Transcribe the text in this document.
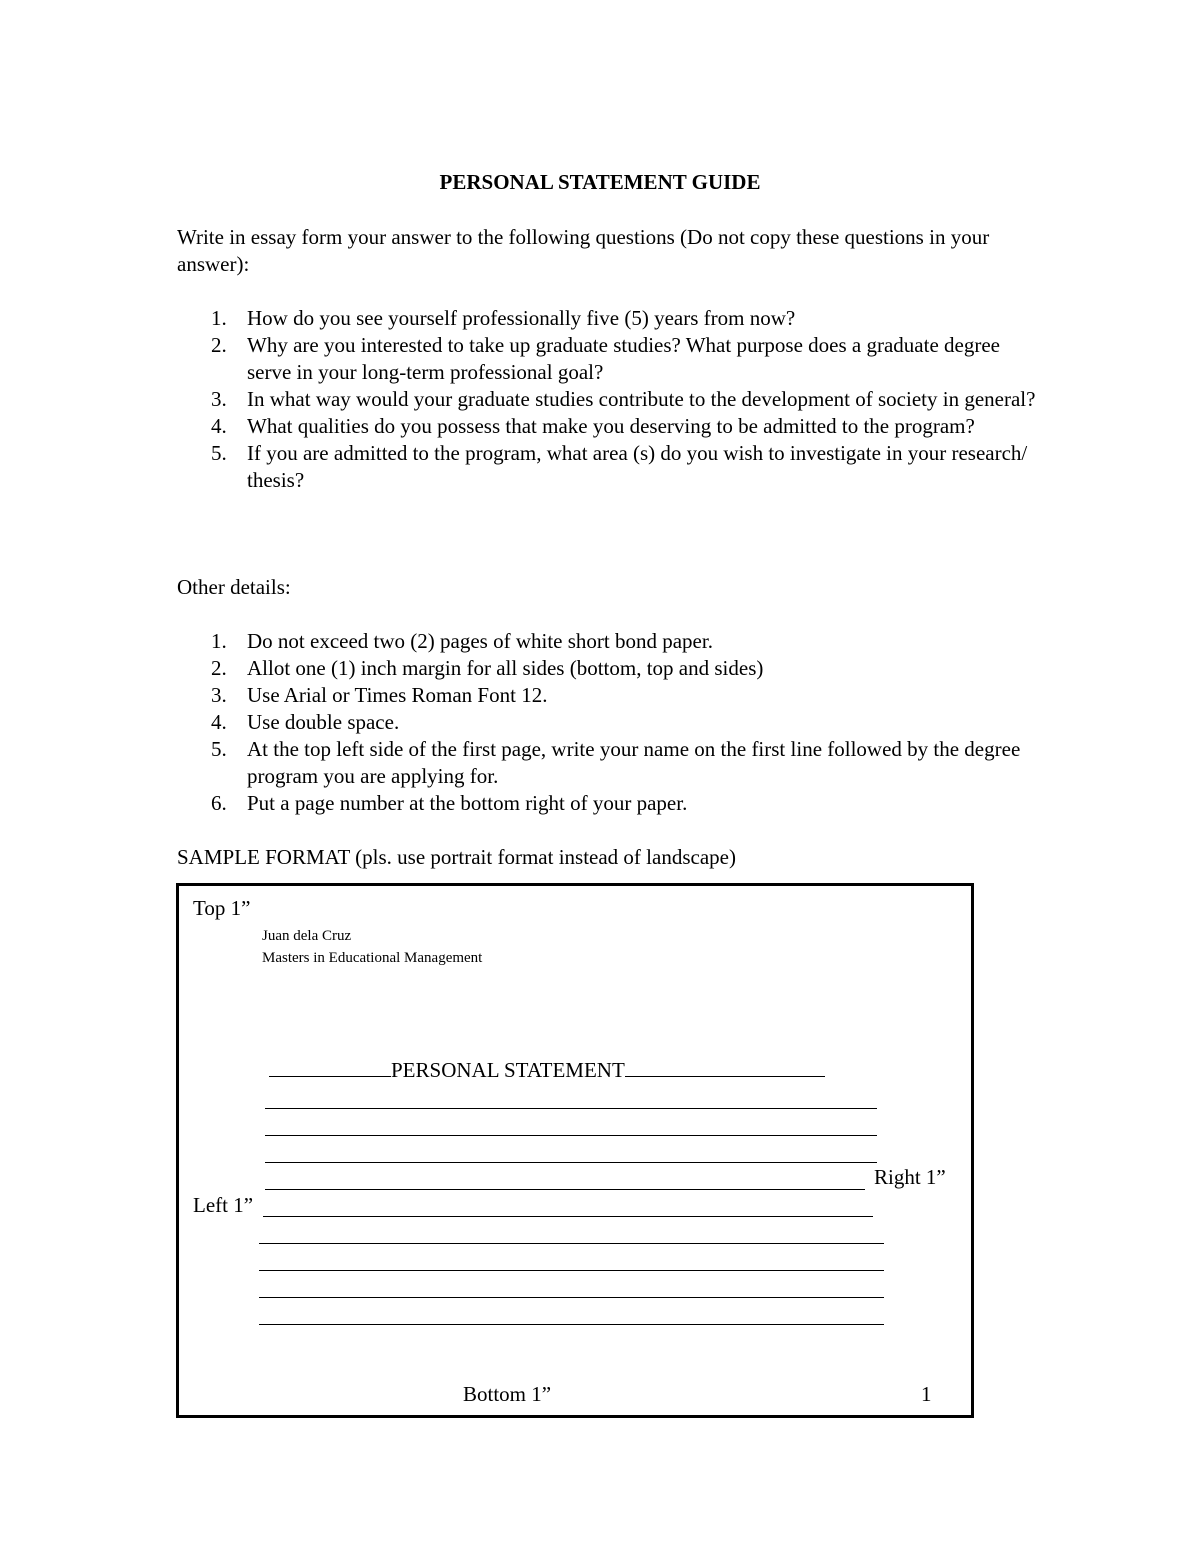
PERSONAL STATEMENT GUIDE
Write in essay form your answer to the following questions (Do not copy these questions in your answer):
1. How do you see yourself professionally five (5) years from now?
2. Why are you interested to take up graduate studies? What purpose does a graduate degree serve in your long-term professional goal?
3. In what way would your graduate studies contribute to the development of society in general?
4. What qualities do you possess that make you deserving to be admitted to the program?
5. If you are admitted to the program, what area (s) do you wish to investigate in your research/ thesis?
Other details:
1. Do not exceed two (2) pages of white short bond paper.
2. Allot one (1) inch margin for all sides (bottom, top and sides)
3. Use Arial or Times Roman Font 12.
4. Use double space.
5. At the top left side of the first page, write your name on the first line followed by the degree program you are applying for.
6. Put a page number at the bottom right of your paper.
SAMPLE FORMAT (pls. use portrait format instead of landscape)
Top 1”
Juan dela Cruz
Masters in Educational Management
PERSONAL STATEMENT
Right 1”
Left 1”
Bottom 1”	1
